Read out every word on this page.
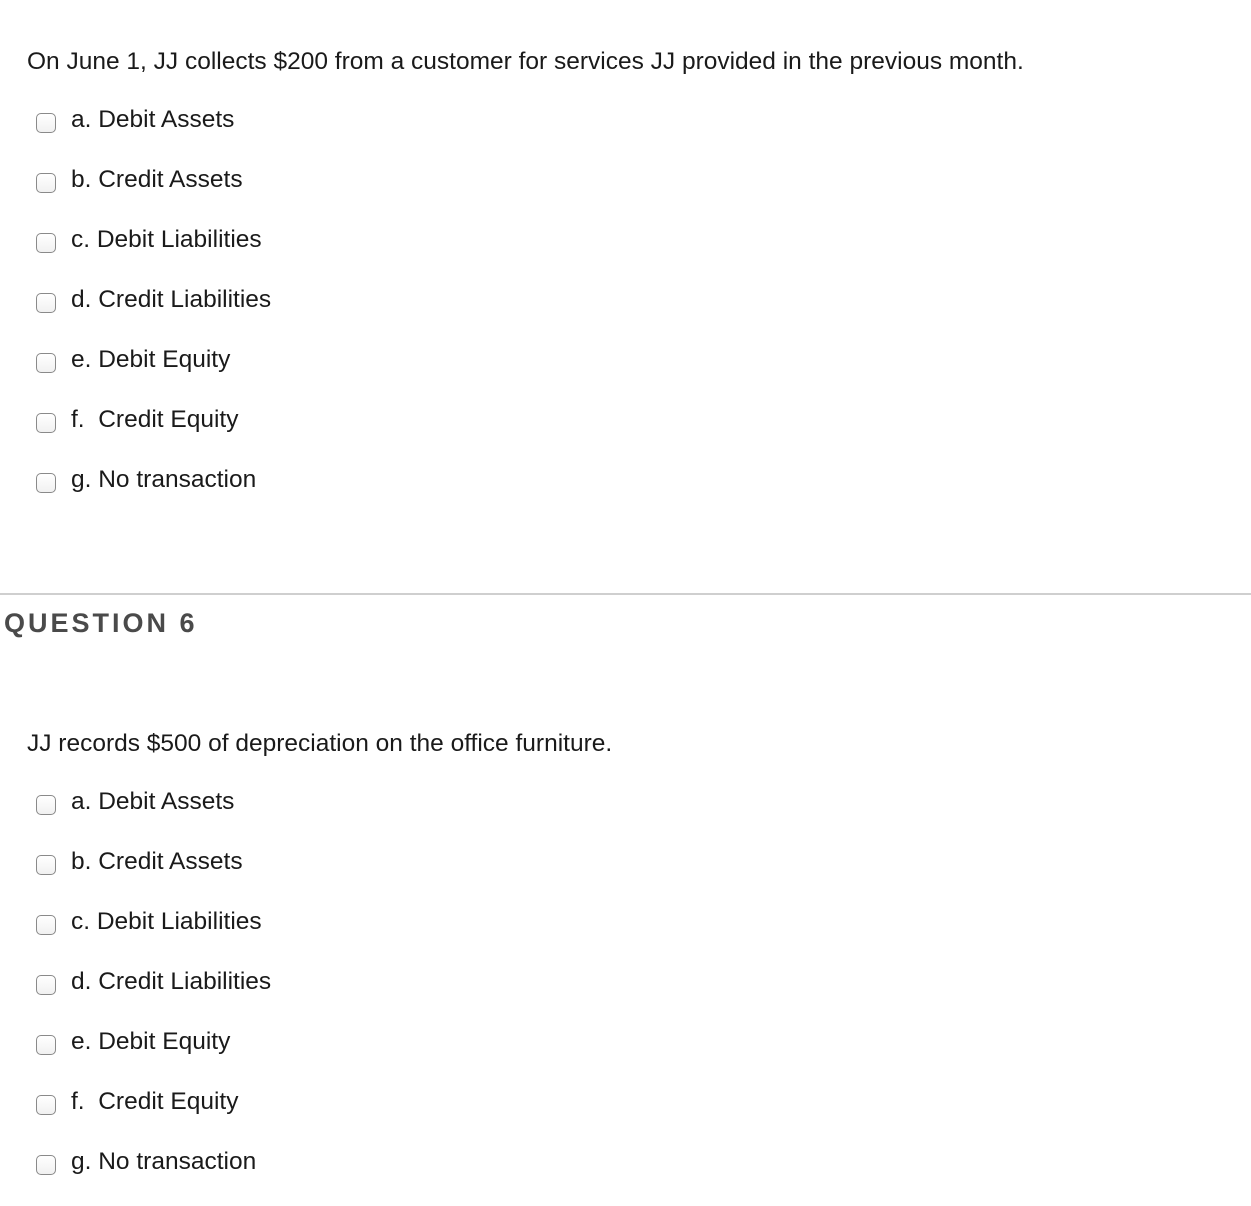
On June 1, JJ collects $200 from a customer for services JJ provided in the previous month.
a. Debit Assets
b. Credit Assets
c. Debit Liabilities
d. Credit Liabilities
e. Debit Equity
f.  Credit Equity
g. No transaction
QUESTION 6
JJ records $500 of depreciation on the office furniture.
a. Debit Assets
b. Credit Assets
c. Debit Liabilities
d. Credit Liabilities
e. Debit Equity
f.  Credit Equity
g. No transaction
